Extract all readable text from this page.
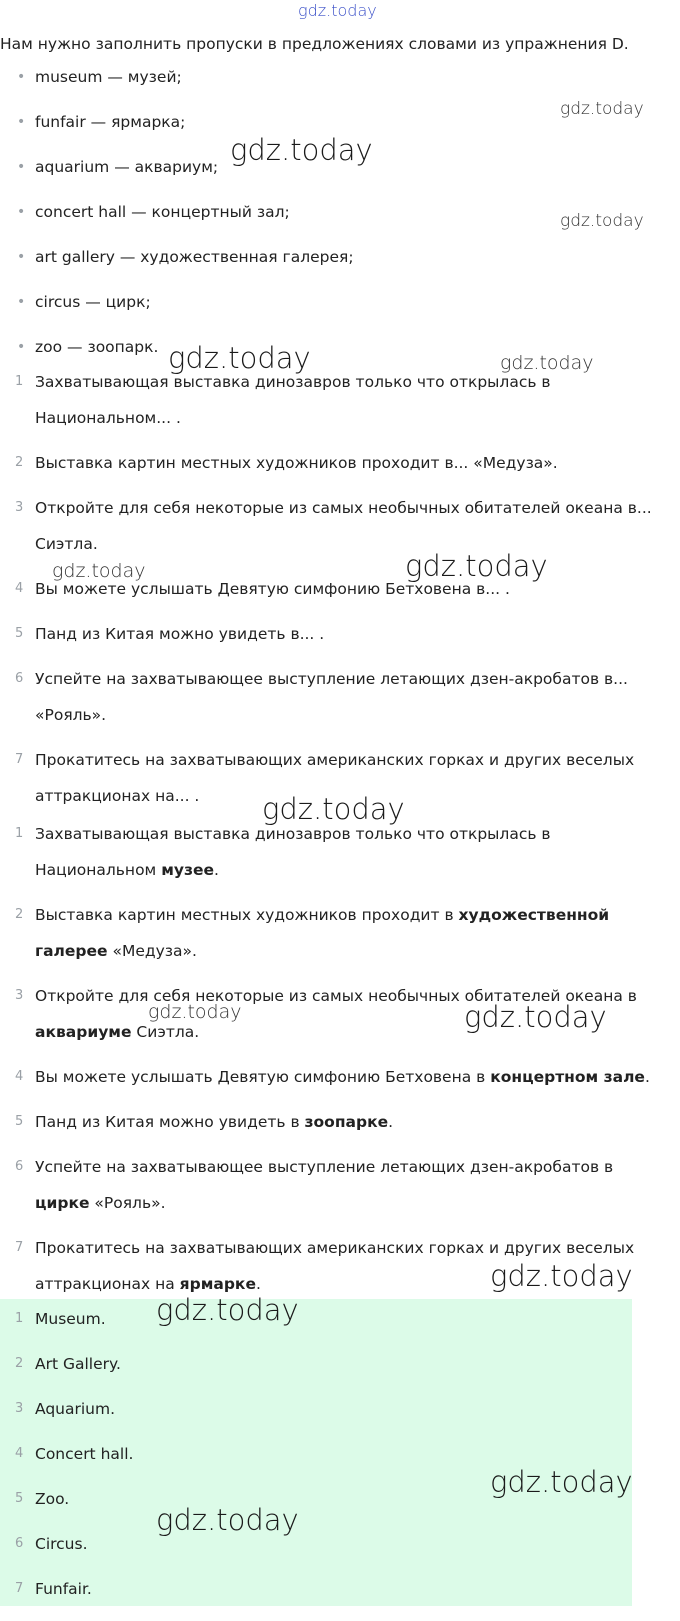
gdz.today
Нам нужно заполнить пропуски в предложениях словами из упражнения D.
• museum — музей;
• funfair — ярмарка;
• aquarium — аквариум;
• concert hall — концертный зал;
• art gallery — художественная галерея;
• circus — цирк;
• zoo — зоопарк.
1 Захватывающая выставка динозавров только что открылась в Национальном... .
2 Выставка картин местных художников проходит в... «Медуза».
3 Откройте для себя некоторые из самых необычных обитателей океана в... Сиэтла.
4 Вы можете услышать Девятую симфонию Бетховена в... .
5 Панд из Китая можно увидеть в... .
6 Успейте на захватывающее выступление летающих дзен-акробатов в... «Рояль».
7 Прокатитесь на захватывающих американских горках и других веселых аттракционах на... .
1 Захватывающая выставка динозавров только что открылась в Национальном музее.
2 Выставка картин местных художников проходит в художественной галерее «Медуза».
3 Откройте для себя некоторые из самых необычных обитателей океана в аквариуме Сиэтла.
4 Вы можете услышать Девятую симфонию Бетховена в концертном зале.
5 Панд из Китая можно увидеть в зоопарке.
6 Успейте на захватывающее выступление летающих дзен-акробатов в цирке «Рояль».
7 Прокатитесь на захватывающих американских горках и других веселых аттракционах на ярмарке.
1 Museum.
2 Art Gallery.
3 Aquarium.
4 Concert hall.
5 Zoo.
6 Circus.
7 Funfair.
gdz.today
gdz.today
gdz.today
gdz.today	gdz.today
gdz.today	gdz.today
gdz.today
gdz.today	gdz.today
gdz.today
gdz.today
gdz.today
gdz.today
